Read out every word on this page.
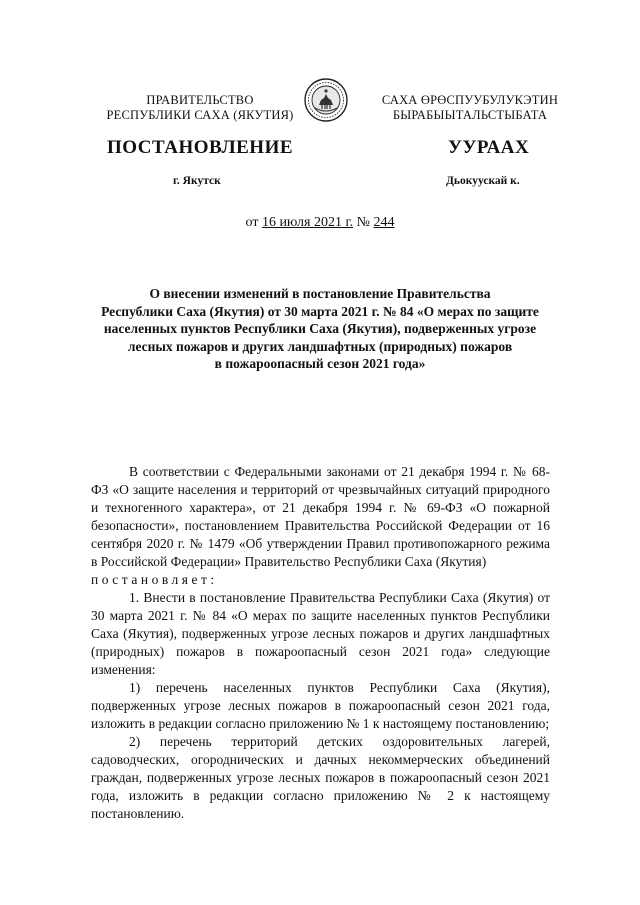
ПРАВИТЕЛЬСТВО
РЕСПУБЛИКИ САХА (ЯКУТИЯ)
САХА ӨРӨСПУУБУЛУКЭТИН
БЫРАБЫЫТАЛЬСТЫБАТА
ПОСТАНОВЛЕНИЕ	УУРААХ
г. Якутск	Дьокуускай к.
от 16 июля 2021 г. № 244
О внесении изменений в постановление Правительства
Республики Саха (Якутия) от 30 марта 2021 г. № 84 «О мерах по защите
населенных пунктов Республики Саха (Якутия), подверженных угрозе
лесных пожаров и других ландшафтных (природных) пожаров
в пожароопасный сезон 2021 года»

В соответствии с Федеральными законами от 21 декабря 1994 г. № 68-ФЗ «О защите населения и территорий от чрезвычайных ситуаций природного и техногенного характера», от 21 декабря 1994 г. № 69-ФЗ «О пожарной безопасности», постановлением Правительства Российской Федерации от 16 сентября 2020 г. № 1479 «Об утверждении Правил противопожарного режима в Российской Федерации» Правительство Республики Саха (Якутия)

постановляет:

1. Внести в постановление Правительства Республики Саха (Якутия) от 30 марта 2021 г. № 84 «О мерах по защите населенных пунктов Республики Саха (Якутия), подверженных угрозе лесных пожаров и других ландшафтных (природных) пожаров в пожароопасный сезон 2021 года» следующие изменения:

1) перечень населенных пунктов Республики Саха (Якутия), подверженных угрозе лесных пожаров в пожароопасный сезон 2021 года, изложить в редакции согласно приложению № 1 к настоящему постановлению;

2) перечень территорий детских оздоровительных лагерей, садоводческих, огороднических и дачных некоммерческих объединений граждан, подверженных угрозе лесных пожаров в пожароопасный сезон 2021 года, изложить в редакции согласно приложению № 2 к настоящему постановлению.
